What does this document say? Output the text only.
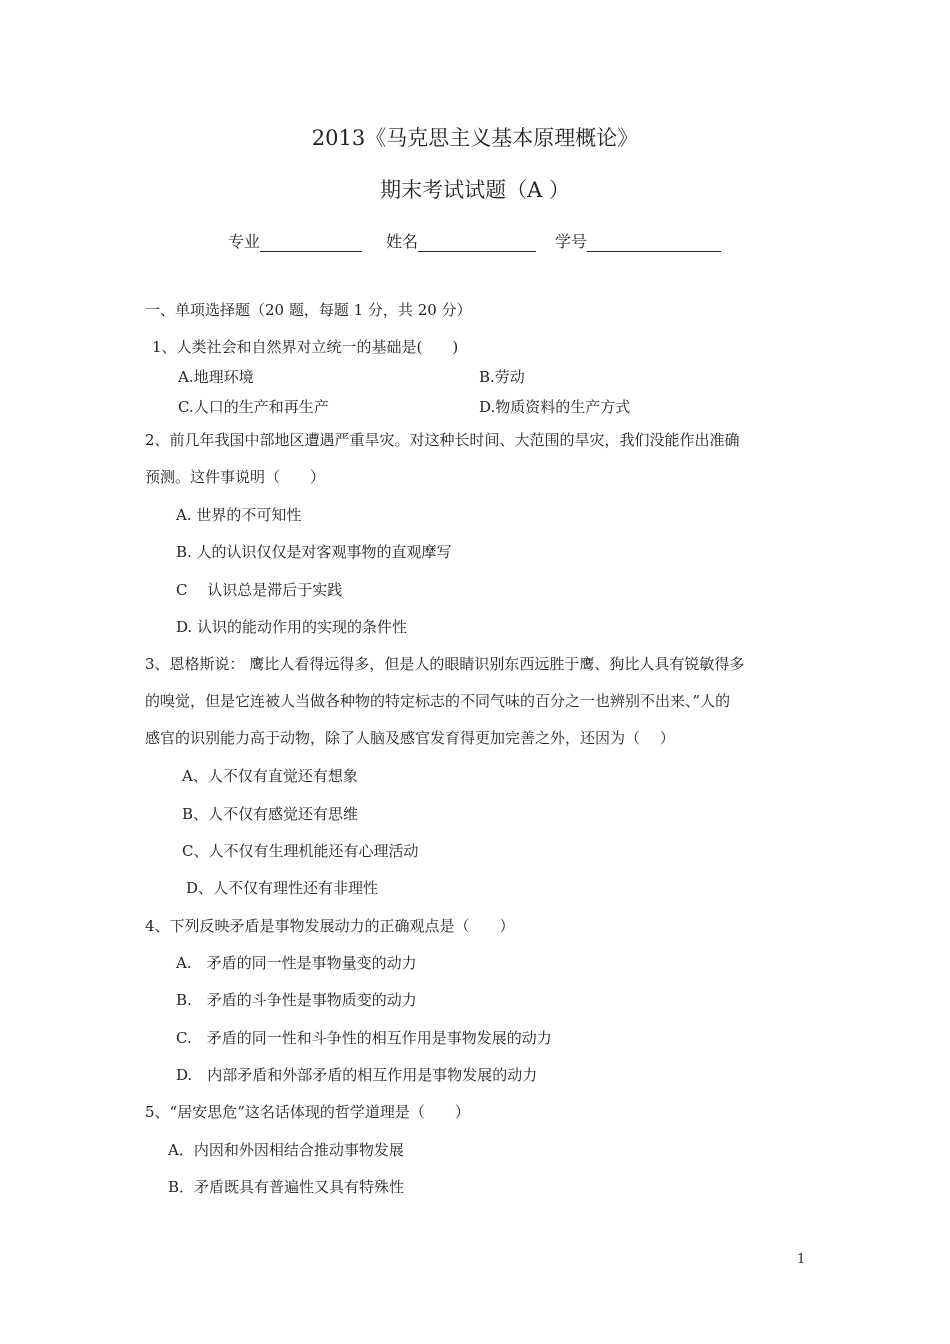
2013《马克思主义基本原理概论》
期末考试试题（A ）
专业	姓名	学号
一、单项选择题（20 题，每题 1 分，共 20 分）
1、人类社会和自然界对立统一的基础是(　　)
A.地理环境	B.劳动
C.人口的生产和再生产	D.物质资料的生产方式
2、前几年我国中部地区遭遇严重旱灾。对这种长时间、大范围的旱灾，我们没能作出准确
预测。这件事说明（　　）
A. 世界的不可知性
B. 人的认识仅仅是对客观事物的直观摩写
C　 认识总是滞后于实践
D. 认识的能动作用的实现的条件性
3、恩格斯说： 鹰比人看得远得多，但是人的眼睛识别东西远胜于鹰、狗比人具有锐敏得多
的嗅觉，但是它连被人当做各种物的特定标志的不同气味的百分之一也辨别不出来、”人的
感官的识别能力高于动物，除了人脑及感官发育得更加完善之外，还因为（　 ）
A、人不仅有直觉还有想象
B、人不仅有感觉还有思维
C、人不仅有生理机能还有心理活动
D、人不仅有理性还有非理性
4、下列反映矛盾是事物发展动力的正确观点是（　　）
A.　矛盾的同一性是事物量变的动力
B.　矛盾的斗争性是事物质变的动力
C.　矛盾的同一性和斗争性的相互作用是事物发展的动力
D.　内部矛盾和外部矛盾的相互作用是事物发展的动力
5、“居安思危”这名话体现的哲学道理是（　　）
A．内因和外因相结合推动事物发展
B．矛盾既具有普遍性又具有特殊性
1
